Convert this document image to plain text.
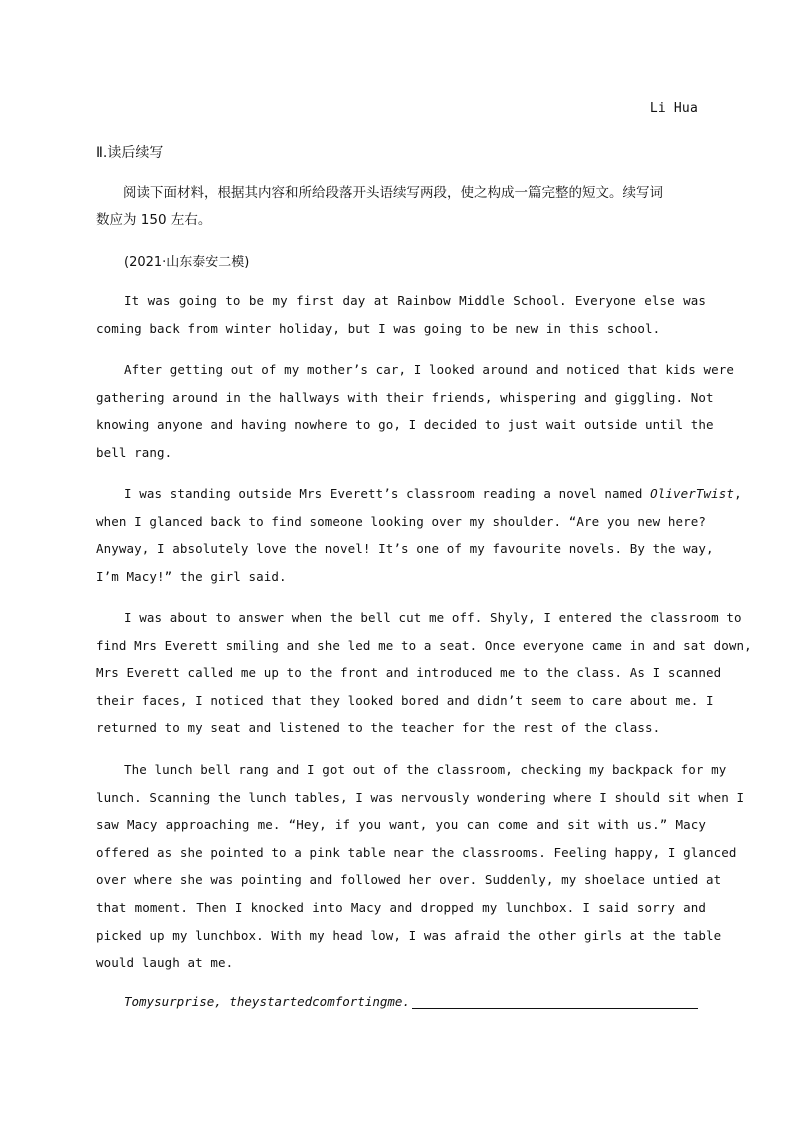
Li Hua
Ⅱ.读后续写
阅读下面材料，根据其内容和所给段落开头语续写两段，使之构成一篇完整的短文。续写词数应为 150 左右。
(2021·山东泰安二模)
It was going to be my first day at Rainbow Middle School. Everyone else was
coming back from winter holiday, but I was going to be new in this school.
After getting out of my mother’s car, I looked around and noticed that kids were
gathering around in the hallways with their friends, whispering and giggling. Not
knowing anyone and having nowhere to go, I decided to just wait outside until the
bell rang.
I was standing outside Mrs Everett’s classroom reading a novel named OliverTwist,
when I glanced back to find someone looking over my shoulder. “Are you new here?
Anyway, I absolutely love the novel! It’s one of my favourite novels. By the way,
I’m Macy!” the girl said.
I was about to answer when the bell cut me off. Shyly, I entered the classroom to
find Mrs Everett smiling and she led me to a seat. Once everyone came in and sat down,
Mrs Everett called me up to the front and introduced me to the class. As I scanned
their faces, I noticed that they looked bored and didn’t seem to care about me. I
returned to my seat and listened to the teacher for the rest of the class.
The lunch bell rang and I got out of the classroom, checking my backpack for my
lunch. Scanning the lunch tables, I was nervously wondering where I should sit when I
saw Macy approaching me. “Hey, if you want, you can come and sit with us.” Macy
offered as she pointed to a pink table near the classrooms. Feeling happy, I glanced
over where she was pointing and followed her over. Suddenly, my shoelace untied at
that moment. Then I knocked into Macy and dropped my lunchbox. I said sorry and
picked up my lunchbox. With my head low, I was afraid the other girls at the table
would laugh at me.
Tomysurprise, theystartedcomfortingme.
